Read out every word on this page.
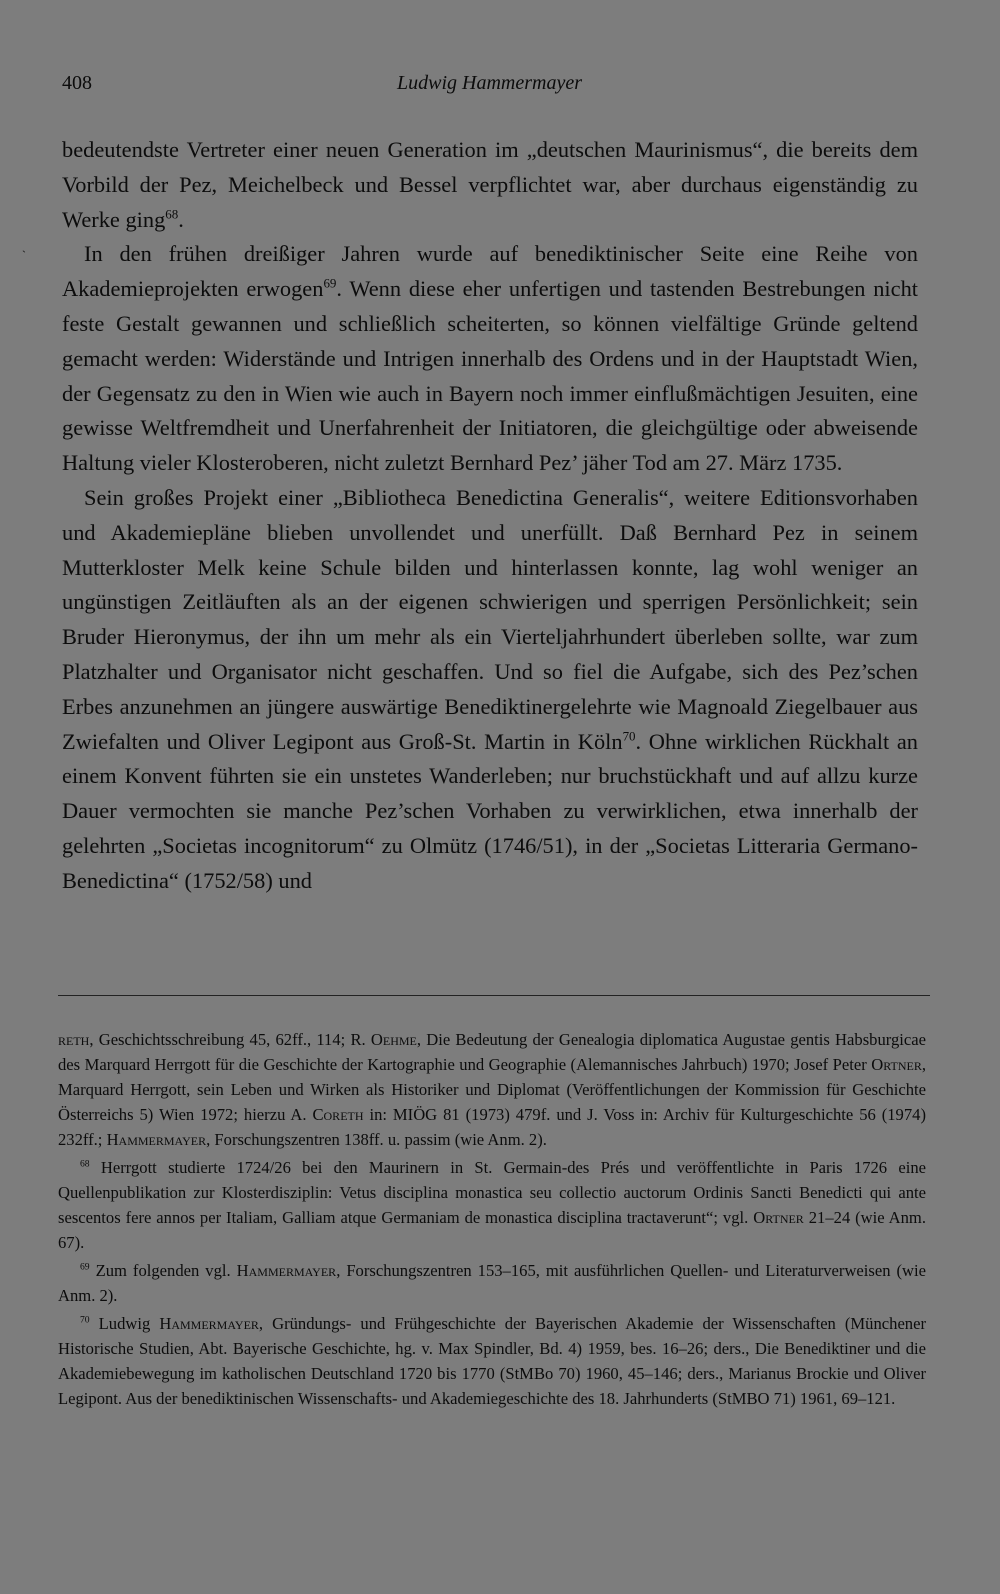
408	Ludwig Hammermayer
ˋ

bedeutendste Vertreter einer neuen Generation im „deutschen Maurinismus“, die bereits dem Vorbild der Pez, Meichelbeck und Bessel verpflichtet war, aber durchaus eigenständig zu Werke ging$^{68}$.

In den frühen dreißiger Jahren wurde auf benediktinischer Seite eine Reihe von Akademieprojekten erwogen$^{69}$. Wenn diese eher unfertigen und tastenden Bestrebungen nicht feste Gestalt gewannen und schließlich scheiterten, so können vielfältige Gründe geltend gemacht werden: Widerstände und Intrigen innerhalb des Ordens und in der Hauptstadt Wien, der Gegensatz zu den in Wien wie auch in Bayern noch immer einflußmächtigen Jesuiten, eine gewisse Weltfremdheit und Unerfahrenheit der Initiatoren, die gleichgültige oder abweisende Haltung vieler Klosteroberen, nicht zuletzt Bernhard Pez’ jäher Tod am 27. März 1735.

Sein großes Projekt einer „Bibliotheca Benedictina Generalis“, weitere Editionsvorhaben und Akademiepläne blieben unvollendet und unerfüllt. Daß Bernhard Pez in seinem Mutterkloster Melk keine Schule bilden und hinterlassen konnte, lag wohl weniger an ungünstigen Zeitläuften als an der eigenen schwierigen und sperrigen Persönlichkeit; sein Bruder Hieronymus, der ihn um mehr als ein Vierteljahrhundert überleben sollte, war zum Platzhalter und Organisator nicht geschaffen. Und so fiel die Aufgabe, sich des Pez’schen Erbes anzunehmen an jüngere auswärtige Benediktinergelehrte wie Magnoald Ziegelbauer aus Zwiefalten und Oliver Legipont aus Groß-St. Martin in Köln$^{70}$. Ohne wirklichen Rückhalt an einem Konvent führten sie ein unstetes Wanderleben; nur bruchstückhaft und auf allzu kurze Dauer vermochten sie manche Pez’schen Vorhaben zu verwirklichen, etwa innerhalb der gelehrten „Societas incognitorum“ zu Olmütz (1746/51), in der „Societas Litteraria Germano-Benedictina“ (1752/58) und

reth, Geschichtsschreibung 45, 62ff., 114; R. Oehme, Die Bedeutung der Genealogia diplomatica Augustae gentis Habsburgicae des Marquard Herrgott für die Geschichte der Kartographie und Geographie (Alemannisches Jahrbuch) 1970; Josef Peter Ortner, Marquard Herrgott, sein Leben und Wirken als Historiker und Diplomat (Veröffentlichungen der Kommission für Geschichte Österreichs 5) Wien 1972; hierzu A. Coreth in: MIÖG 81 (1973) 479f. und J. Voss in: Archiv für Kulturgeschichte 56 (1974) 232ff.; Hammermayer, Forschungszentren 138ff. u. passim (wie Anm. 2).

$^{68}$ Herrgott studierte 1724/26 bei den Maurinern in St. Germain-des Prés und veröffentlichte in Paris 1726 eine Quellenpublikation zur Klosterdisziplin: Vetus disciplina monastica seu collectio auctorum Ordinis Sancti Benedicti qui ante sescentos fere annos per Italiam, Galliam atque Germaniam de monastica disciplina tractaverunt“; vgl. Ortner 21–24 (wie Anm. 67).

$^{69}$ Zum folgenden vgl. Hammermayer, Forschungszentren 153–165, mit ausführlichen Quellen- und Literaturverweisen (wie Anm. 2).

$^{70}$ Ludwig Hammermayer, Gründungs- und Frühgeschichte der Bayerischen Akademie der Wissenschaften (Münchener Historische Studien, Abt. Bayerische Geschichte, hg. v. Max Spindler, Bd. 4) 1959, bes. 16–26; ders., Die Benediktiner und die Akademiebewegung im katholischen Deutschland 1720 bis 1770 (StMBo 70) 1960, 45–146; ders., Marianus Brockie und Oliver Legipont. Aus der benediktinischen Wissenschafts- und Akademiegeschichte des 18. Jahrhunderts (StMBO 71) 1961, 69–121.
